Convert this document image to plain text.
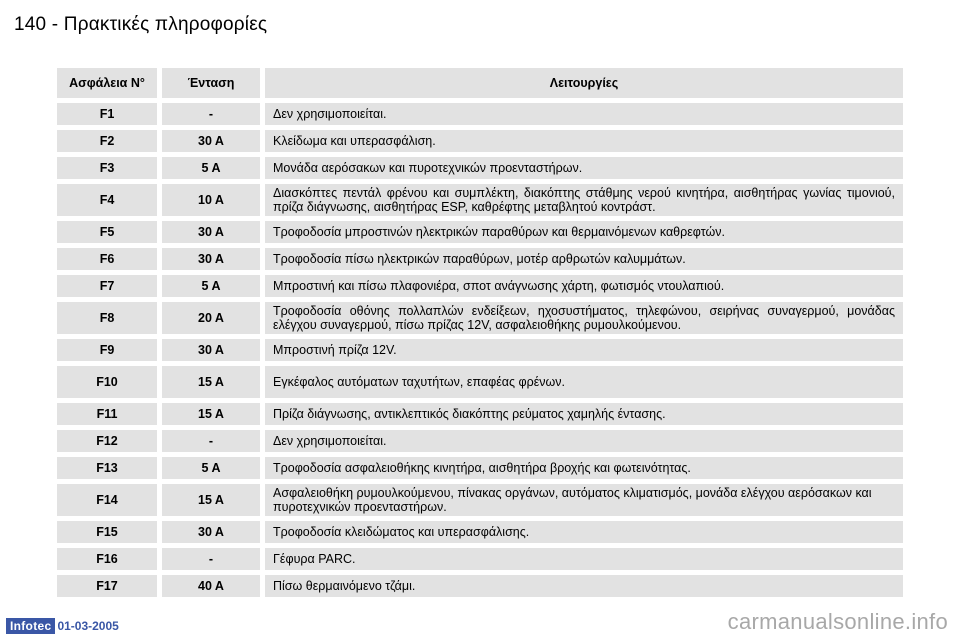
140 - Πρακτικές πληροφορίες
Ασφάλεια N°	Ένταση	Λειτουργίες
F1	-	Δεν χρησιμοποιείται.
F2	30 A	Κλείδωμα και υπερασφάλιση.
F3	5 A	Μονάδα αερόσακων και πυροτεχνικών προενταστήρων.
F4	10 A	Διασκόπτες πεντάλ φρένου και συμπλέκτη, διακόπτης στάθμης νερού κινητήρα, αισθητήρας γωνίας τιμονιού, πρίζα διάγνωσης, αισθητήρας ESP, καθρέφτης μεταβλητού κοντράστ.
F5	30 A	Τροφοδοσία μπροστινών ηλεκτρικών παραθύρων και θερμαινόμενων καθρεφτών.
F6	30 A	Τροφοδοσία πίσω ηλεκτρικών παραθύρων, μοτέρ αρθρωτών καλυμμάτων.
F7	5 A	Μπροστινή και πίσω πλαφονιέρα, σποτ ανάγνωσης χάρτη, φωτισμός ντουλαπιού.
F8	20 A	Τροφοδοσία οθόνης πολλαπλών ενδείξεων, ηχοσυστήματος, τηλεφώνου, σειρήνας συναγερμού, μονάδας ελέγχου συναγερμού, πίσω πρίζας 12V, ασφαλειοθήκης ρυμουλκούμενου.
F9	30 A	Μπροστινή πρίζα 12V.
F10	15 A	Εγκέφαλος αυτόματων ταχυτήτων, επαφέας φρένων.
F11	15 A	Πρίζα διάγνωσης, αντικλεπτικός διακόπτης ρεύματος χαμηλής έντασης.
F12	-	Δεν χρησιμοποιείται.
F13	5 A	Τροφοδοσία ασφαλειοθήκης κινητήρα, αισθητήρα βροχής και φωτεινότητας.
F14	15 A	Ασφαλειοθήκη ρυμουλκούμενου, πίνακας οργάνων, αυτόματος κλιματισμός, μονάδα ελέγχου αερόσακων και πυροτεχνικών προενταστήρων.
F15	30 A	Τροφοδοσία κλειδώματος και υπερασφάλισης.
F16	-	Γέφυρα PARC.
F17	40 A	Πίσω θερμαινόμενο τζάμι.
Infotec 01-03-2005	carmanualsonline.info
